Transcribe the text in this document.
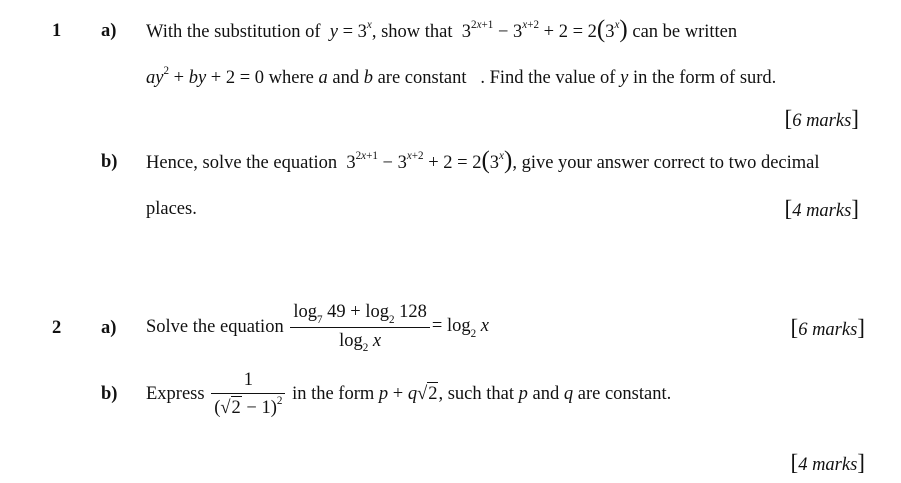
1 a) With the substitution of $y = 3^x$, show that  $3^{2x+1} - 3^{x+2} + 2 = 2(3^x)$ can be written
$ay^2$ + by + 2 = 0 where a and b are constant . Find the value of y in the form of surd.
[6 marks]
b) Hence, solve the equation  $3^{2x+1} - 3^{x+2} + 2 = 2(3^x)$, give your answer correct to two decimal
places.	[4 marks]
2 a) Solve the equation $\frac{\log_7 49 + \log_2 128}{\log_2 x} = \log_2 x$	[6 marks]
b) Express $\frac{1}{(√2 - 1)^2}$ in the form p + q√2, such that p and q are constant.
[4 marks]
